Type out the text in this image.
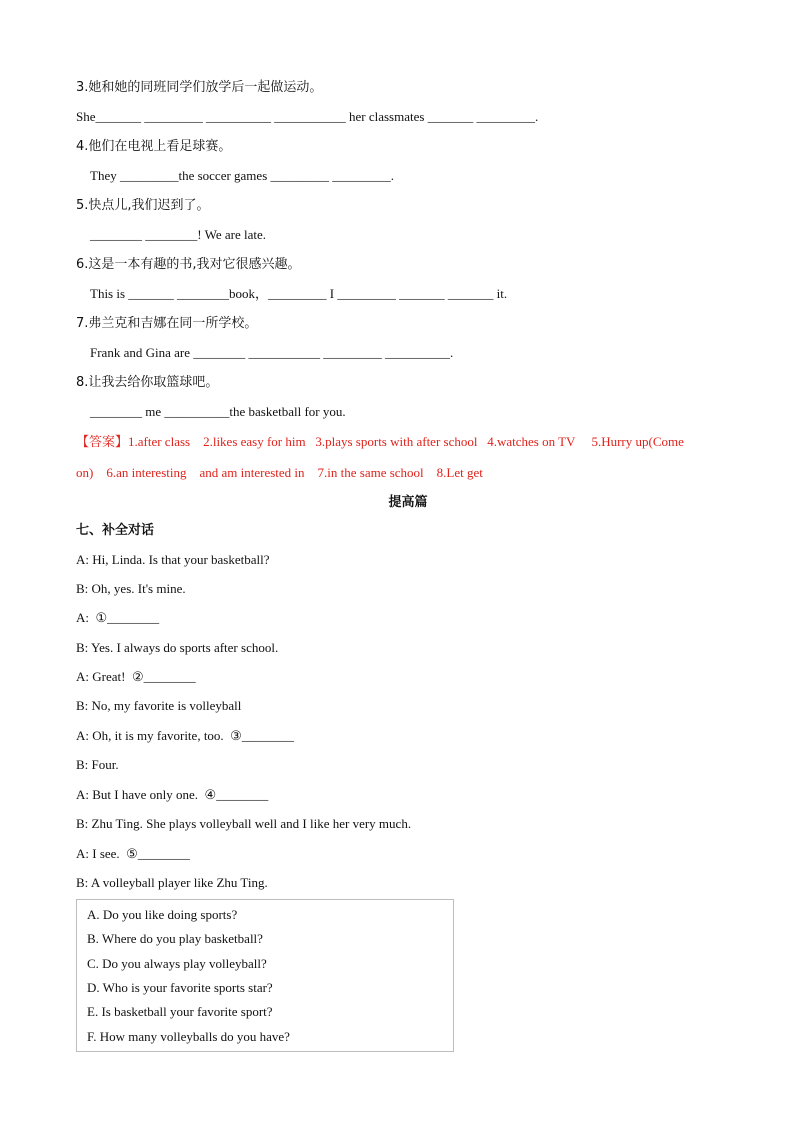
3.她和她的同班同学们放学后一起做运动。
She_______ _________ __________ ___________ her classmates _______ _________.
4.他们在电视上看足球赛。
They _________the soccer games _________ _________.
5.快点儿,我们迟到了。
________ ________! We are late.
6.这是一本有趣的书,我对它很感兴趣。
This is _______ ________book，_________ I _________ _______ _______ it.
7.弗兰克和吉娜在同一所学校。
Frank and Gina are ________ ___________ _________ __________.
8.让我去给你取篮球吧。
________ me __________the basketball for you.
【答案】1.after class    2.likes easy for him   3.plays sports with after school   4.watches on TV     5.Hurry up(Come
on)    6.an interesting    and am interested in    7.in the same school    8.Let get
提高篇
七、补全对话
A: Hi, Linda. Is that your basketball?
B: Oh, yes. It's mine.
A:  ①________
B: Yes. I always do sports after school.
A: Great!  ②________
B: No, my favorite is volleyball
A: Oh, it is my favorite, too.  ③________
B: Four.
A: But I have only one.  ④________
B: Zhu Ting. She plays volleyball well and I like her very much.
A: I see.  ⑤________
B: A volleyball player like Zhu Ting.
A. Do you like doing sports?
B. Where do you play basketball?
C. Do you always play volleyball?
D. Who is your favorite sports star?
E. Is basketball your favorite sport?
F. How many volleyballs do you have?
